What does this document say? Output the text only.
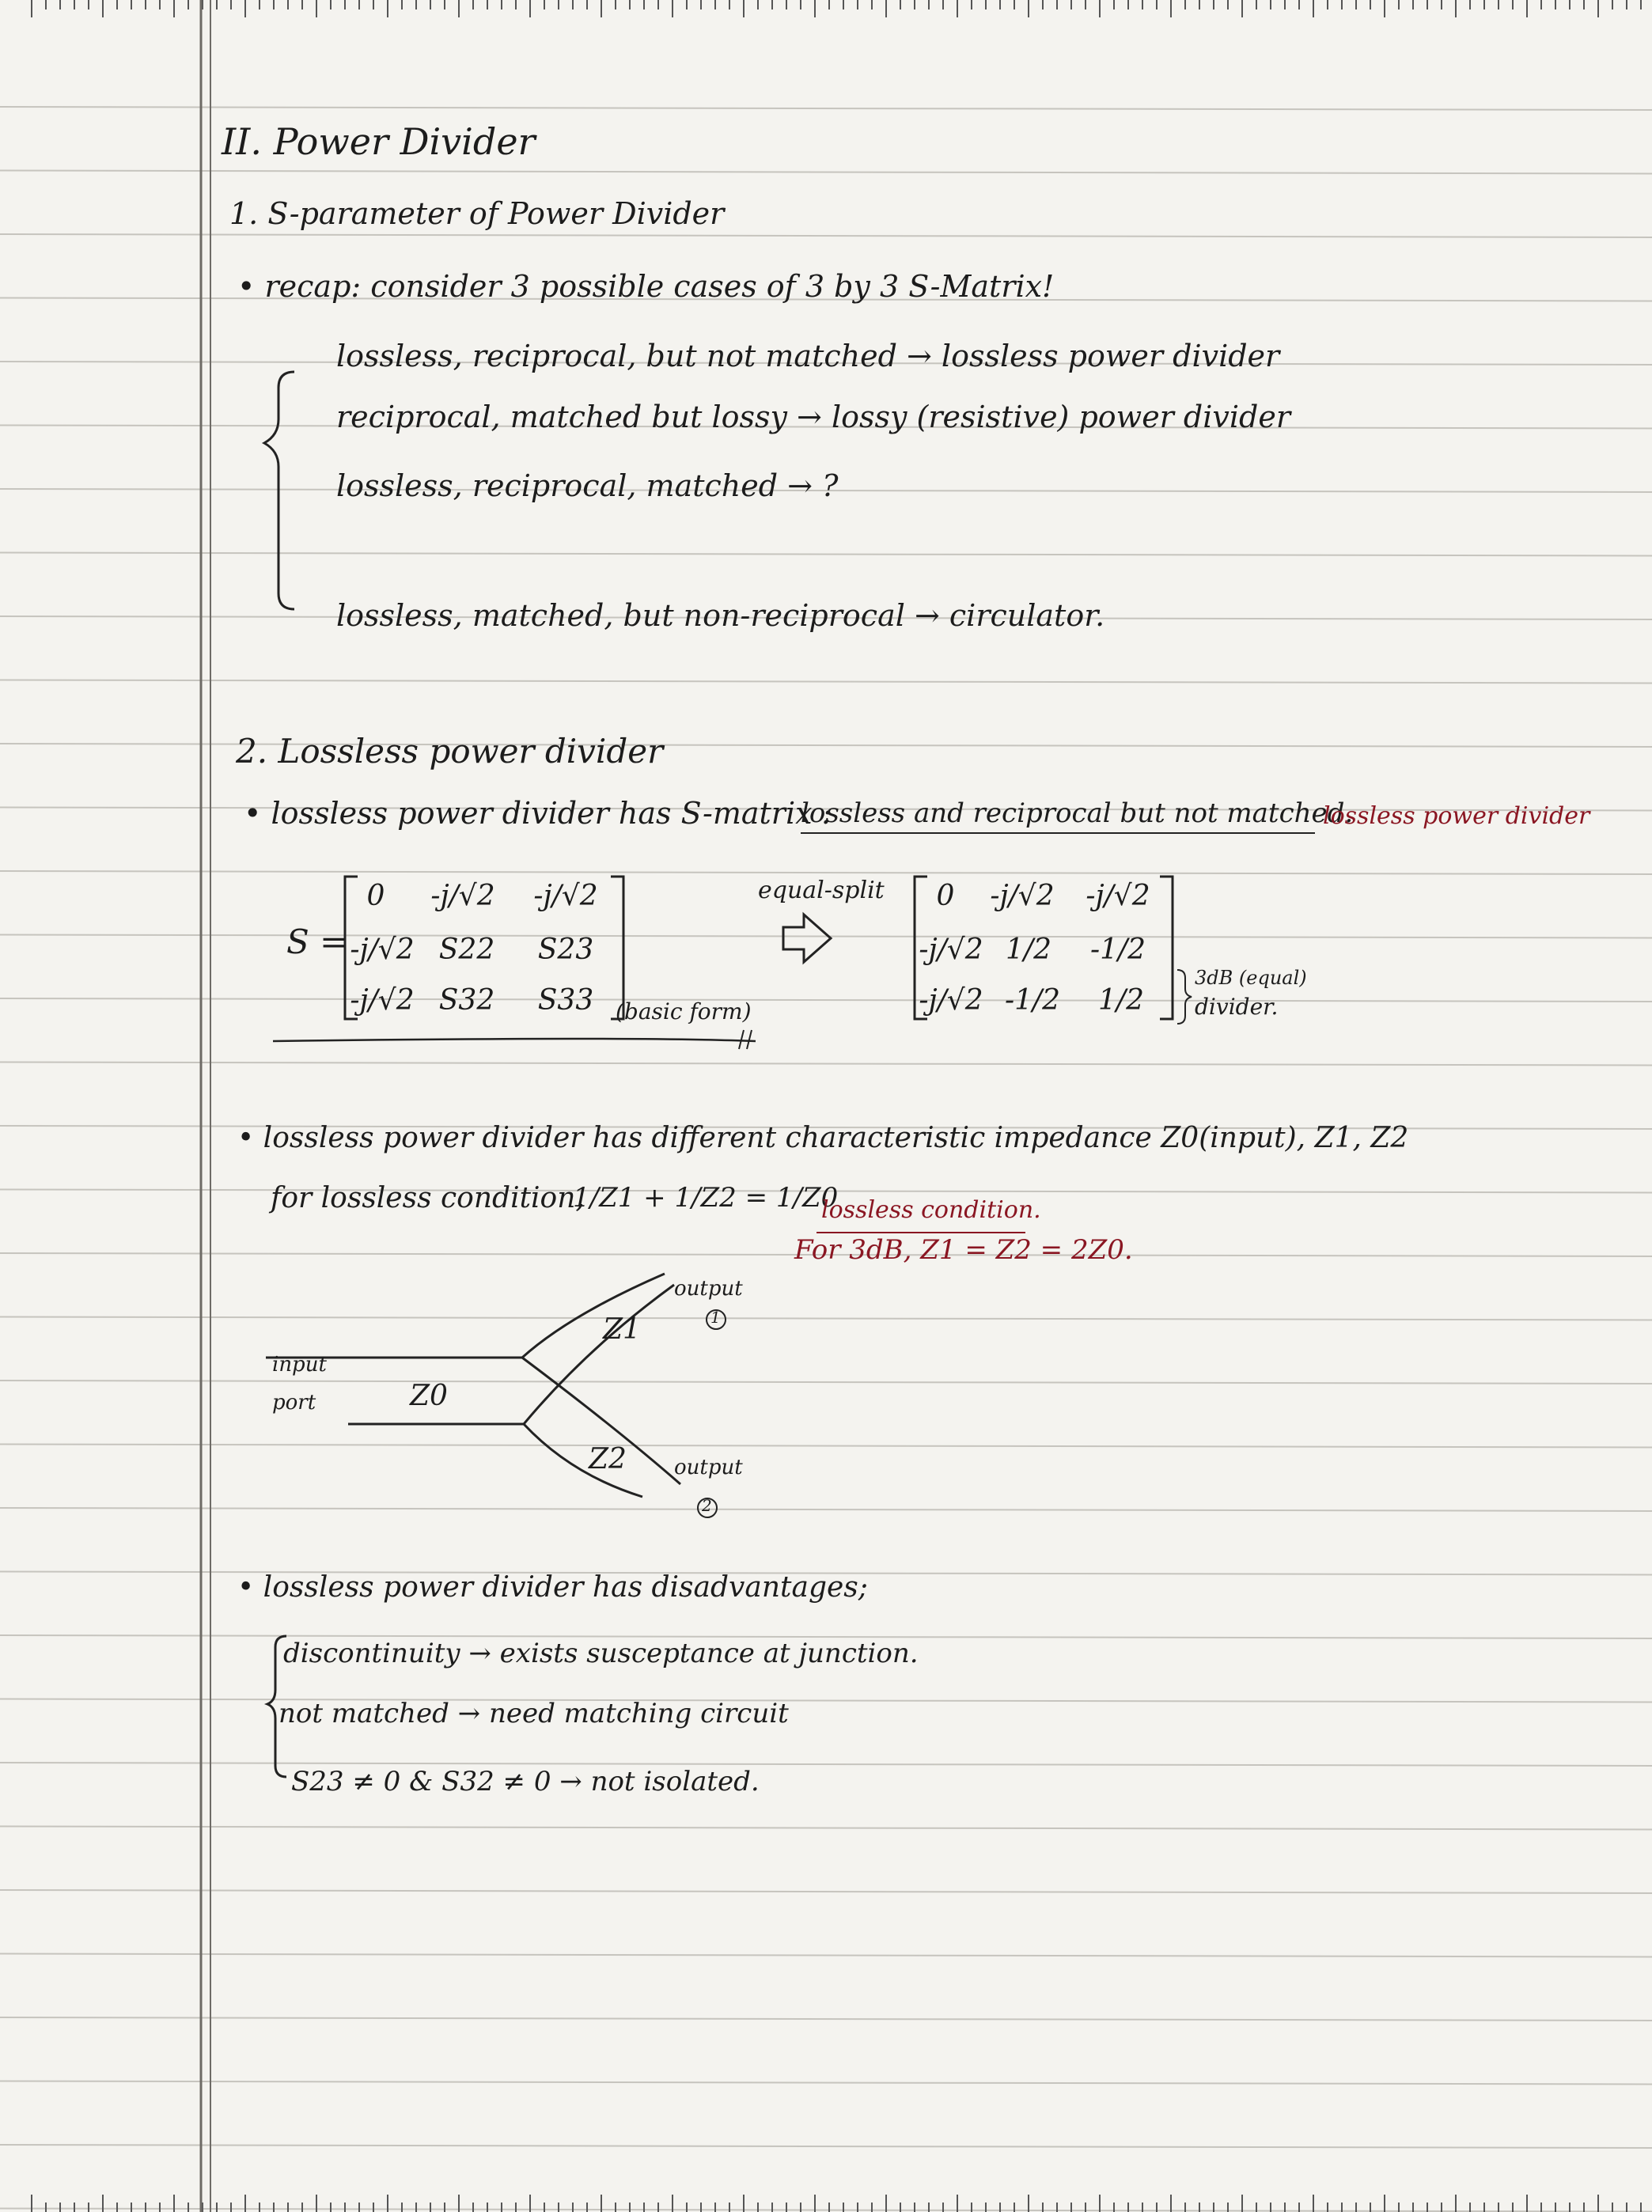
II. Power Divider
1. S-parameter of Power Divider
• recap: consider 3 possible cases of 3 by 3 S-Matrix!
lossless, reciprocal, but not matched → lossless power divider
reciprocal, matched but lossy → lossy (resistive) power divider
lossless, reciprocal, matched → ?
lossless, matched, but non-reciprocal → circulator.
2. Lossless power divider
• lossless power divider has S-matrix :
lossless and reciprocal but not matched.
lossless power divider
S =
0	-j/√2	-j/√2
-j/√2 S22	S23
-j/√2 S32	S33 (basic form)
equal-split	0	-j/√2	-j/√2
-j/√2 1/2	-1/2
-j/√2 -1/2	1/2
3dB (equal)
divider.
• lossless power divider has different characteristic impedance Z0(input), Z1, Z2
for lossless condition,
1/Z1 + 1/Z2 = 1/Z0
lossless condition.
For 3dB, Z1 = Z2 = 2Z0.
input
port	Z0
Z1
Z2
output
1
output
2
• lossless power divider has disadvantages;
discontinuity → exists susceptance at junction.
not matched → need matching circuit
S23 ≠ 0 & S32 ≠ 0 → not isolated.
